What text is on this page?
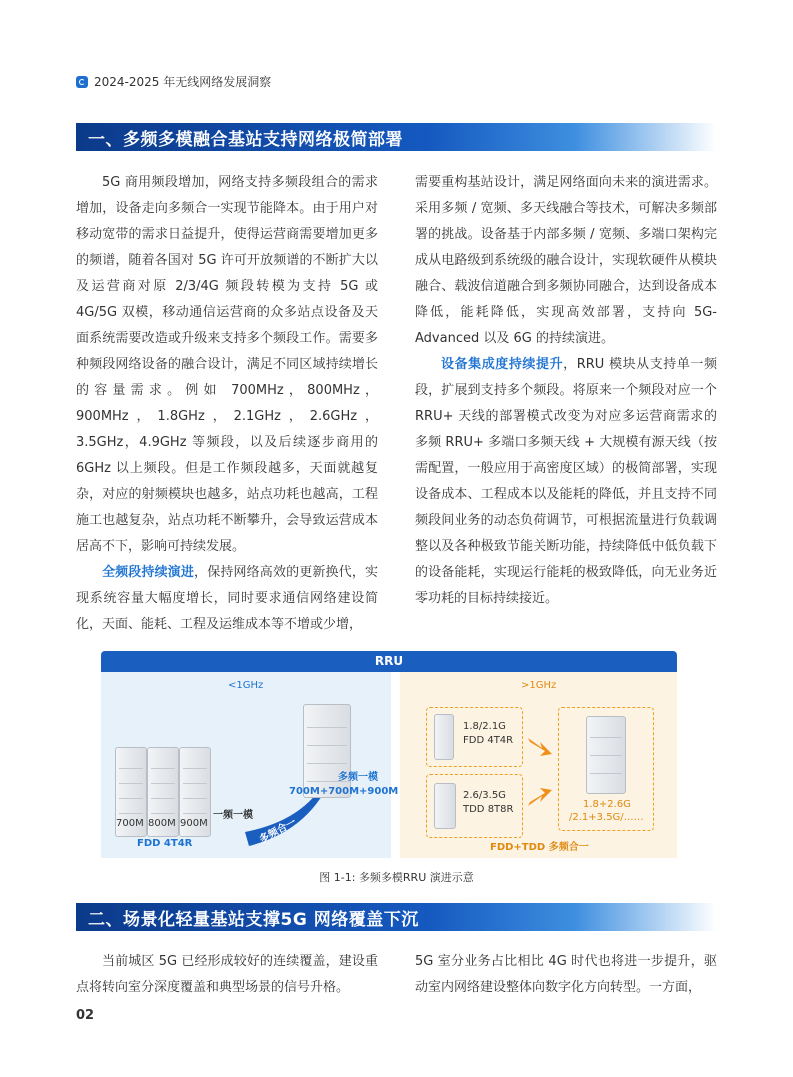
2024-2025 年无线网络发展洞察
一、多频多模融合基站支持网络极简部署

5G 商用频段增加，网络支持多频段组合的需求增加，设备走向多频合一实现节能降本。由于用户对移动宽带的需求日益提升，使得运营商需要增加更多的频谱，随着各国对 5G 许可开放频谱的不断扩大以及运营商对原 2/3/4G 频段转模为支持 5G 或 4G/5G 双模，移动通信运营商的众多站点设备及天面系统需要改造或升级来支持多个频段工作。需要多种频段网络设备的融合设计，满足不同区域持续增长的容量需求。例如 700MHz，800MHz，900MHz，1.8GHz，2.1GHz，2.6GHz，3.5GHz，4.9GHz 等频段，以及后续逐步商用的 6GHz 以上频段。但是工作频段越多，天面就越复杂，对应的射频模块也越多，站点功耗也越高，工程施工也越复杂，站点功耗不断攀升，会导致运营成本居高不下，影响可持续发展。

全频段持续演进，保持网络高效的更新换代，实现系统容量大幅度增长，同时要求通信网络建设简化，天面、能耗、工程及运维成本等不增或少增，

需要重构基站设计，满足网络面向未来的演进需求。采用多频 / 宽频、多天线融合等技术，可解决多频部署的挑战。设备基于内部多频 / 宽频、多端口架构完成从电路级到系统级的融合设计，实现软硬件从模块融合、载波信道融合到多频协同融合，达到设备成本降低，能耗降低，实现高效部署，支持向 5G-Advanced 以及 6G 的持续演进。

设备集成度持续提升，RRU 模块从支持单一频段，扩展到支持多个频段。将原来一个频段对应一个 RRU+ 天线的部署模式改变为对应多运营商需求的多频 RRU+ 多端口多频天线 + 大规模有源天线（按需配置，一般应用于高密度区域）的极简部署，实现设备成本、工程成本以及能耗的降低，并且支持不同频段间业务的动态负荷调节，可根据流量进行负载调整以及各种极致节能关断功能，持续降低中低负载下的设备能耗，实现运行能耗的极致降低，向无业务近零功耗的目标持续接近。

RRU
<1GHz
700M 800M 900M
一频一模
FDD 4T4R	多频合一
多频一模
700M+700M+900M
>1GHz
1.8/2.1G
FDD 4T4R
2.6/3.5G
TDD 8T8R	1.8+2.6G
/2.1+3.5G/……
FDD+TDD 多频合一
图 1-1: 多频多模RRU 演进示意
二、场景化轻量基站支撑5G 网络覆盖下沉

当前城区 5G 已经形成较好的连续覆盖，建设重点将转向室分深度覆盖和典型场景的信号升格。

5G 室分业务占比相比 4G 时代也将进一步提升，驱动室内网络建设整体向数字化方向转型。一方面，

02
